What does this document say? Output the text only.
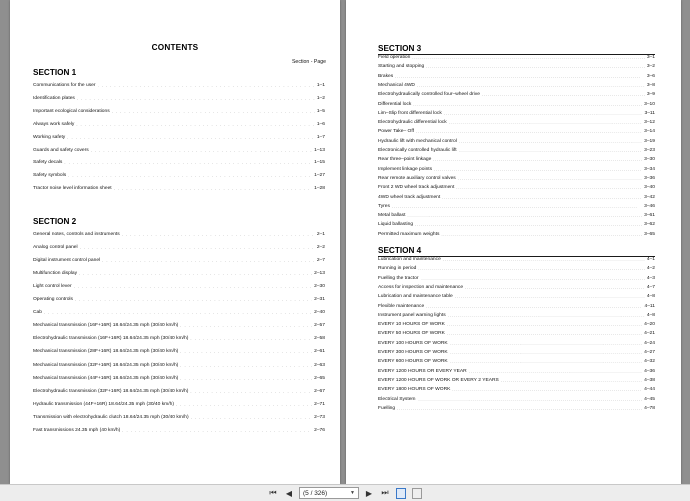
CONTENTS
Section - Page
SECTION 1
Communications for the user . . .	1–1
Identification plates . . .	1–2
Important ecological considerations . . .	1–5
Always work safely . . .	1–6
Working safety . . .	1–7
Guards and safety covers . . .	1–13
Safety decals . . .	1–15
Safety symbols . . .	1–27
Tractor noise level information sheet . . .	1–28
SECTION 2
General notes, controls and instruments . . .	2–1
Analog control panel . . .	2–2
Digital instrument control panel . . .	2–7
Multifunction display . . .	2–13
Light control lever . . .	2–30
Operating controls . . .	2–31
Cab . . .	2–40
Mechanical transmission (16F+16R) 18.64/24.35 mph (30/40 km/h) . . .	2–57
Electrohydraulic transmission (16F+16R) 18.64/24.35 mph (30/40 km/h) . . .	2–58
Mechanical transmission (28F+16R) 18.64/24.35 mph (30/40 km/h) . . .	2–61
Mechanical transmission (32F+16R) 18.64/24.35 mph (30/40 km/h) . . .	2–63
Mechanical transmission (44F+16R) 18.64/24.35 mph (30/40 km/h) . . .	2–65
Electrohydraulic transmission (32F+16R) 18.64/24.35 mph (30/40 km/h) . . .	2–67
Hydraulic transmission (44F+16R) 18.64/24.35 mph (30/40 km/h) . . .	2–71
Transmission with electrohydraulic clutch 18.64/24.35 mph (30/40 km/h) . . .	2–73
Fast transmissions 24.35 mph (40 km/h) . . .	2–76
SECTION 3
Field operation . . .	3–1
Starting and stopping . . .	3–2
Brakes . . .	3–6
Mechanical 4WD . . .	3–8
Electrohydraulically controlled four–wheel drive . . .	3–9
Differential lock . . .	3–10
Lim–Slip front differential lock . . .	3–11
Electrohydraulic differential lock . . .	3–12
Power Take– Off . . .	3–14
Hydraulic lift with mechanical control . . .	3–19
Electronically controlled hydraulic lift . . .	3–23
Rear three–point linkage . . .	3–30
Implement linkage points . . .	3–34
Rear remote auxiliary control valves . . .	3–36
Front 2 WD wheel track adjustment . . .	3–40
4WD wheel track adjustment . . .	3–42
Tyres . . .	3–46
Metal ballast . . .	3–61
Liquid ballasting . . .	3–62
Permitted maximum weights . . .	3–65
SECTION 4
Lubrication and maintenance . . .	4–1
Running in period . . .	4–2
Fuelling the tractor . . .	4–3
Access for inspection and maintenance . . .	4–7
Lubrication and maintenance table . . .	4–8
Flexible maintenance . . .	4–11
Instrument panel warning lights . . .	4–8
EVERY 10 HOURS OF WORK . . .	4–20
EVERY 50 HOURS OF WORK . . .	4–21
EVERY 100 HOURS OF WORK . . .	4–24
EVERY 300 HOURS OF WORK . . .	4–27
EVERY 600 HOURS OF WORK . . .	4–32
EVERY 1200 HOURS OR EVERY YEAR . . .	4–36
EVERY 1200 HOURS OF WORK OR EVERY 2 YEARS . . .	4–38
EVERY 1800 HOURS OF WORK . . .	4–44
Electrical System . . .	4–45
Fuelling . . .	4–78
⏮	◀	(5 / 326)	▼	▶	⏭
